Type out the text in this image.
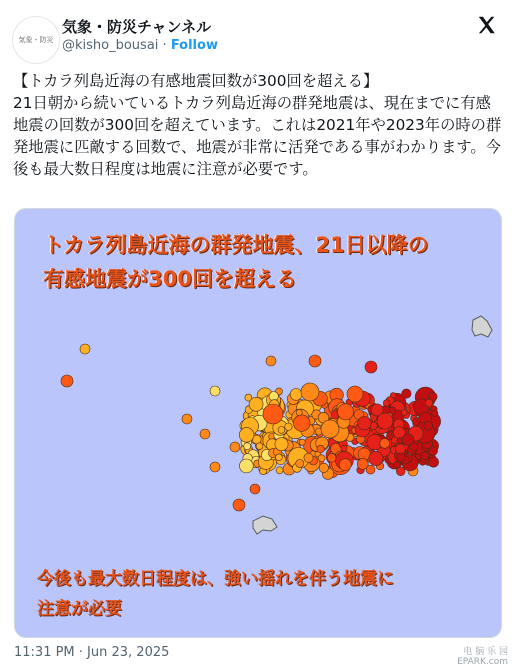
気象・防災
気象・防災チャンネル
@kisho_bousai · Follow

【トカラ列島近海の有感地震回数が300回を超える】
21日朝から続いているトカラ列島近海の群発地震は、現在までに有感地震の回数が300回を超えています。これは2021年や2023年の時の群発地震に匹敵する回数で、地震が非常に活発である事がわかります。今後も最大数日程度は地震に注意が必要です。

トカラ列島近海の群発地震、21日以降の
有感地震が300回を超える
今後も最大数日程度は、強い揺れを伴う地震に
注意が必要
11:31 PM · Jun 23, 2025	电 脑 乐 园
EPARK.com
